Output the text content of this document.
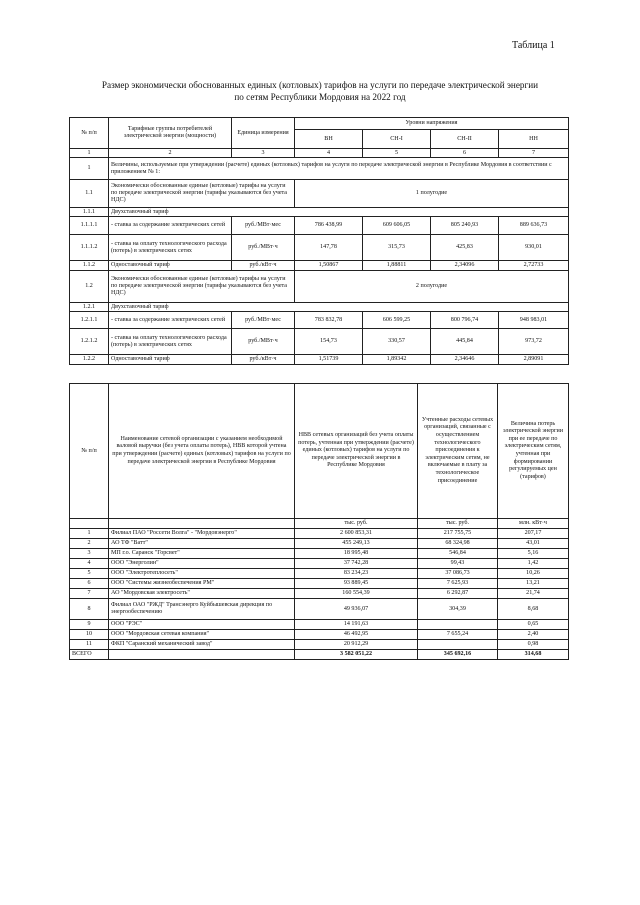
Таблица 1
Размер экономически обоснованных единых (котловых) тарифов на услуги по передаче электрической энергии
по сетям Республики Мордовия на 2022 год
№ п/п	Тарифные группы потребителей электрической энергии (мощности)	Единица измерения	Уровни напряжения			
			ВН	СН-I	СН-II	НН
1	2	3	4	5	6	7
1	Величины, используемые при утверждении (расчете) единых (котловых) тарифов на услуги по передаче электрической энергии в Республике Мордовия в соответствии с приложением № 1:					
1.1	Экономически обоснованные единые (котловые) тарифы на услуги по передаче электрической энергии (тарифы указываются без учета НДС)		1 полугодие			
1.1.1	Двухставочный тариф					
1.1.1.1	- ставка за содержание электрических сетей	руб./МВт·мес	786 438,99	609 606,05	805 240,93	889 636,73
1.1.1.2	- ставка на оплату технологического расхода (потерь) в электрических сетях	руб./МВт·ч	147,78	315,73	425,83	930,01
1.1.2	Одноставочный тариф	руб./кВт·ч	1,50867	1,88811	2,34096	2,72733
1.2	Экономически обоснованные единые (котловые) тарифы на услуги по передаче электрической энергии (тарифы указываются без учета НДС)		2 полугодие			
1.2.1	Двухставочный тариф					
1.2.1.1	- ставка за содержание электрических сетей	руб./МВт·мес	783 832,78	606 599,25	800 796,74	948 983,01
1.2.1.2	- ставка на оплату технологического расхода (потерь) в электрических сетях	руб./МВт·ч	154,73	330,57	445,84	973,72
1.2.2	Одноставочный тариф	руб./кВт·ч	1,51739	1,89342	2,34646	2,89091
№ п/п	Наименование сетевой организации с указанием необходимой валовой выручки (без учета оплаты потерь), НВВ которой учтена при утверждении (расчете) единых (котловых) тарифов на услуги по передаче электрической энергии в Республике Мордовия	НВВ сетевых организаций без учета оплаты потерь, учтенная при утверждении (расчете) единых (котловых) тарифов на услуги по передаче электрической энергии в Республике Мордовия	Учтенные расходы сетевых организаций, связанные с осуществлением технологического присоединения к электрическим сетям, не включаемые в плату за технологическое присоединение	Величина потерь электрической энергии при ее передаче по электрическим сетям, учтенная при формировании регулируемых цен (тарифов)
		тыс. руб.	тыс. руб.	млн. кВт·ч
1	Филиал ПАО "Россети Волга" - "Мордовэнерго"	2 600 853,31	217 755,75	207,17
2	АО ТФ "Ватт"	455 249,13	68 324,98	43,01
3	МП г.о. Саранск "Горсвет"	18 995,48	546,84	5,16
4	ООО "Энерголин"	37 742,28	99,43	1,42
5	ООО "Электротеплосеть"	83 234,23	37 086,73	10,26
6	ООО "Системы жизнеобеспечения РМ"	93 889,45	7 625,93	13,21
7	АО "Мордовская электросеть"	160 554,39	6 292,87	21,74
8	Филиал ОАО "РЖД" Трансэнерго Куйбышевская дирекция по энергообеспечению	49 936,07	304,39	8,68
9	ООО "РЭС"	14 191,63		0,65
10	ООО "Мордовская сетевая компания"	46 492,95	7 655,24	2,40
11	ФКП "Саранский механический завод"	20 912,29		0,98
ВСЕГО		3 582 051,22	345 692,16	314,68
